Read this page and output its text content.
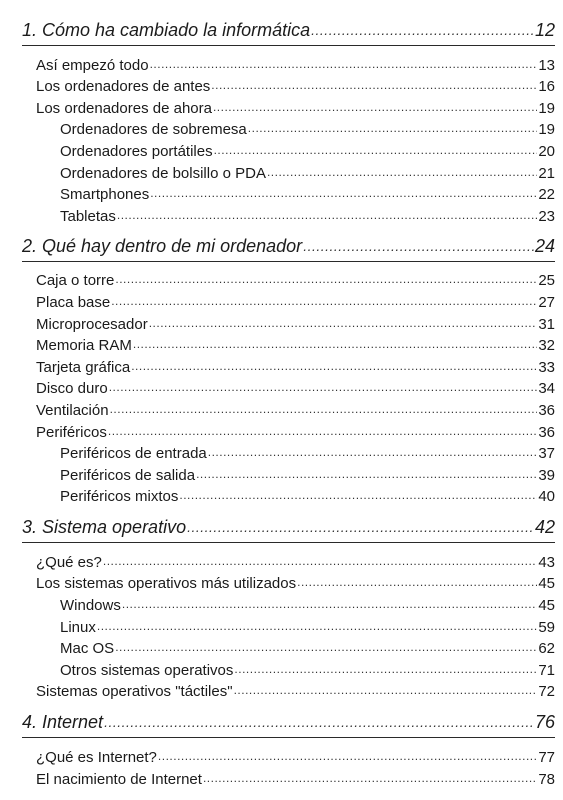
1. Cómo ha cambiado la informática .....	12
Así empezó todo .....	13
Los ordenadores de antes .....	16
Los ordenadores de ahora .....	19
Ordenadores de sobremesa .....	19
Ordenadores portátiles .....	20
Ordenadores de bolsillo o PDA .....	21
Smartphones .....	22
Tabletas .....	23
2. Qué hay dentro de mi ordenador .....	24
Caja o torre .....	25
Placa base .....	27
Microprocesador .....	31
Memoria RAM .....	32
Tarjeta gráfica .....	33
Disco duro .....	34
Ventilación .....	36
Periféricos .....	36
Periféricos de entrada .....	37
Periféricos de salida .....	39
Periféricos mixtos .....	40
3. Sistema operativo .....	42
¿Qué es? .....	43
Los sistemas operativos más utilizados .....	45
Windows .....	45
Linux .....	59
Mac OS .....	62
Otros sistemas operativos .....	71
Sistemas operativos "táctiles" .....	72
4. Internet .....	76
¿Qué es Internet? .....	77
El nacimiento de Internet .....	78
